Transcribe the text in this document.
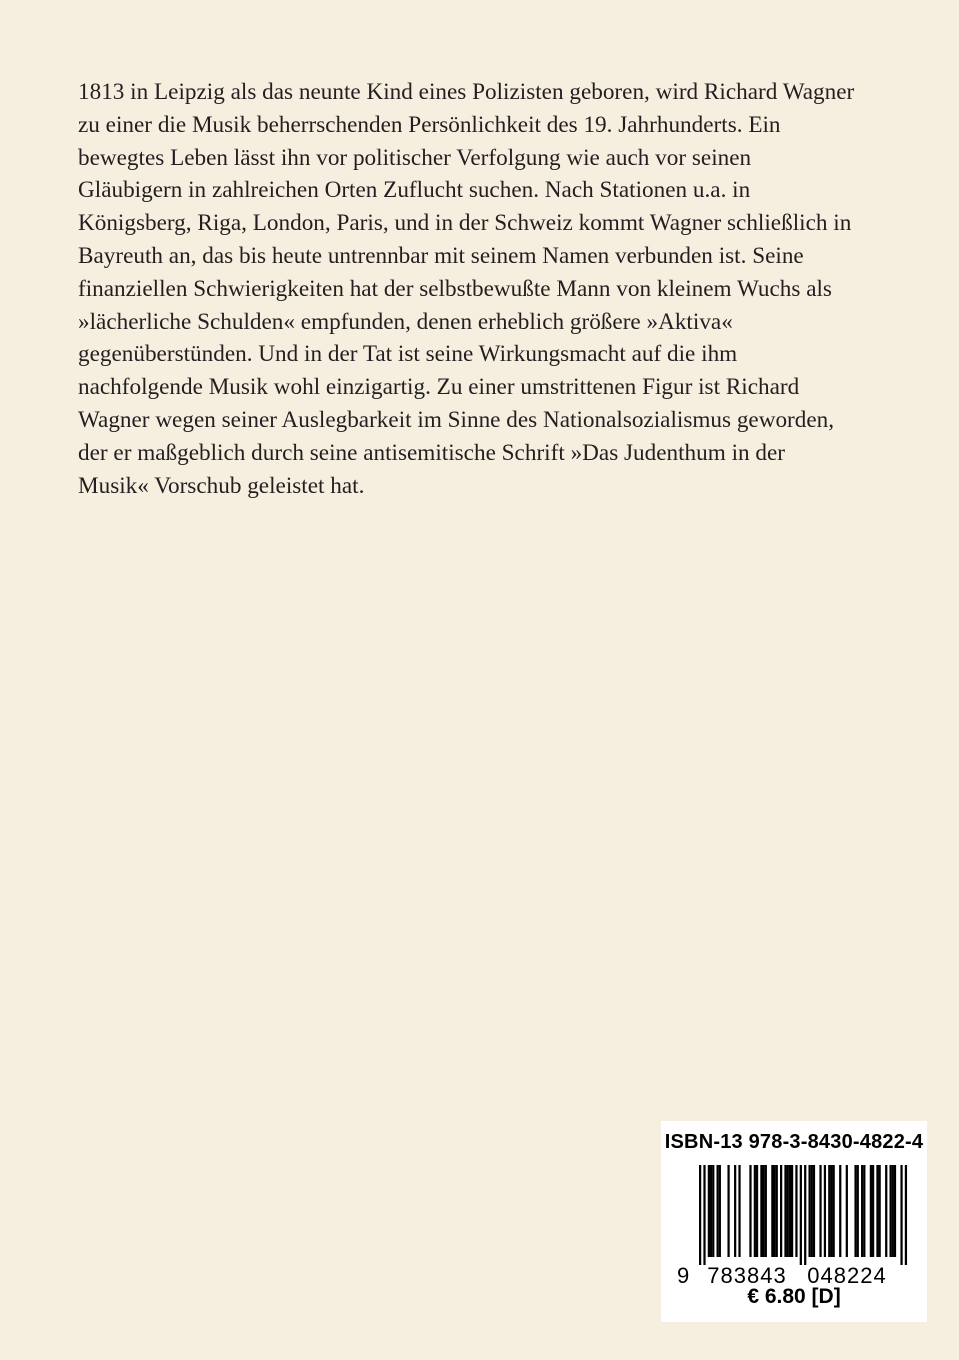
1813 in Leipzig als das neunte Kind eines Polizisten geboren, wird Richard Wagner
zu einer die Musik beherrschenden Persönlichkeit des 19. Jahrhunderts. Ein
bewegtes Leben lässt ihn vor politischer Verfolgung wie auch vor seinen
Gläubigern in zahlreichen Orten Zuflucht suchen. Nach Stationen u.a. in
Königsberg, Riga, London, Paris, und in der Schweiz kommt Wagner schließlich in
Bayreuth an, das bis heute untrennbar mit seinem Namen verbunden ist. Seine
finanziellen Schwierigkeiten hat der selbstbewußte Mann von kleinem Wuchs als
»lächerliche Schulden« empfunden, denen erheblich größere »Aktiva«
gegenüberstünden. Und in der Tat ist seine Wirkungsmacht auf die ihm
nachfolgende Musik wohl einzigartig. Zu einer umstrittenen Figur ist Richard
Wagner wegen seiner Auslegbarkeit im Sinne des Nationalsozialismus geworden,
der er maßgeblich durch seine antisemitische Schrift »Das Judenthum in der
Musik« Vorschub geleistet hat.

ISBN-13 978-3-8430-4822-4
9 783843 048224
€ 6.80 [D]
